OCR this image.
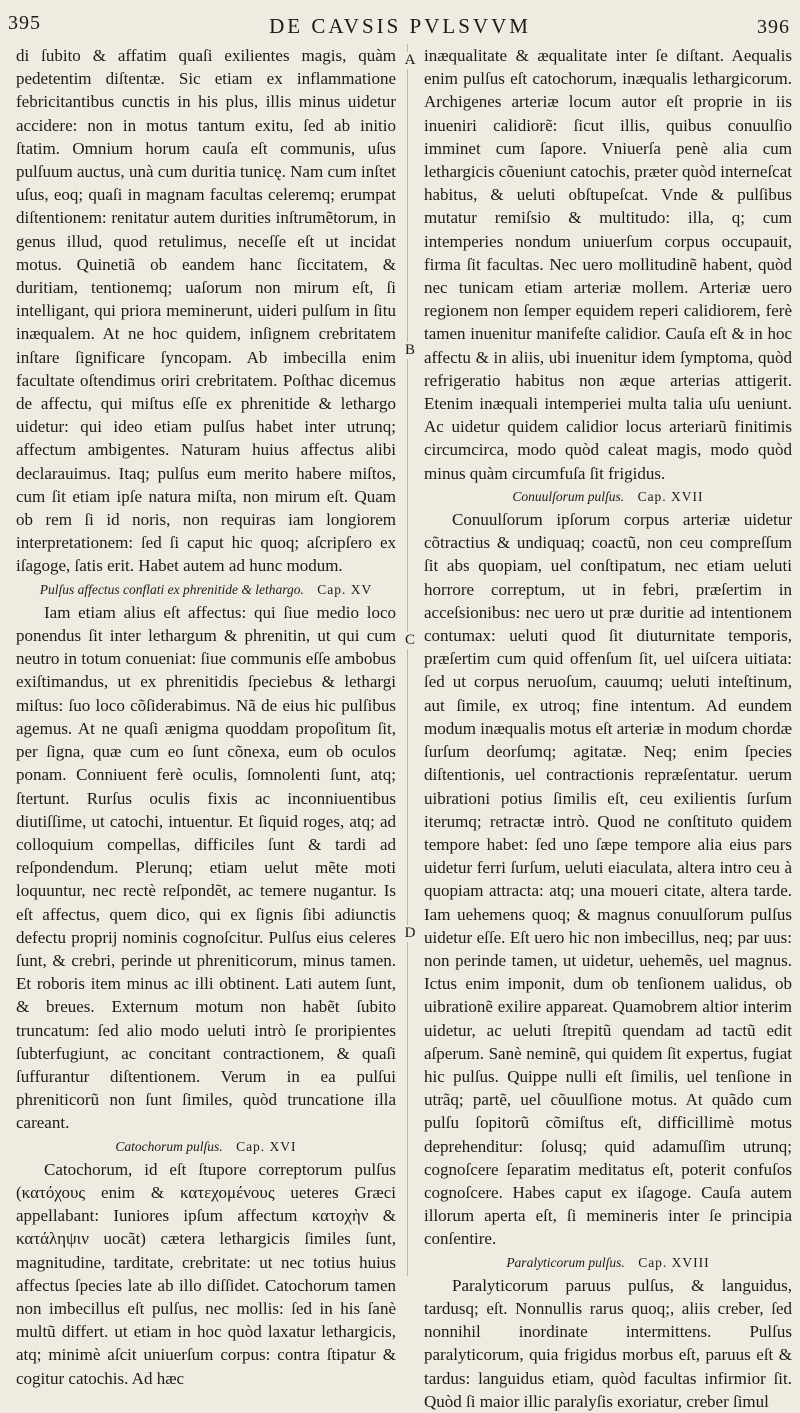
395	DE CAVSIS PVLSVVM	396
A
B
C
D

di ſubito & affatim quaſi exilientes magis, quàm pedetentim diſtentæ. Sic etiam ex inflammatione febricitantibus cunctis in his plus, illis minus uidetur accidere: non in motus tantum exitu, ſed ab initio ſtatim. Omnium horum cauſa eſt communis, uſus pulſuum auctus, unà cum duritia tunicę. Nam cum inſtet uſus, eoq; quaſi in magnam facultas celeremq; erumpat diſtentionem: renitatur autem durities inſtrumẽtorum, in genus illud, quod retulimus, neceſſe eſt ut incidat motus. Quinetiã ob eandem hanc ſiccitatem, & duritiam, tentionemq; uaſorum non mirum eſt, ſi intelligant, qui priora meminerunt, uideri pulſum in ſitu inæqualem. At ne hoc quidem, inſignem crebritatem inſtare ſignificare ſyncopam. Ab imbecilla enim facultate oſtendimus oriri crebritatem. Poſthac dicemus de affectu, qui miſtus eſſe ex phrenitide & lethargo uidetur: qui ideo etiam pulſus habet inter utrunq; affectum ambigentes. Naturam huius affectus alibi declarauimus. Itaq; pulſus eum merito habere miſtos, cum ſit etiam ipſe natura miſta, non mirum eſt. Quam ob rem ſi id noris, non requiras iam longiorem interpretationem: ſed ſi caput hic quoq; aſcripſero ex iſagoge, ſatis erit. Habet autem ad hunc modum.

Pulſus affectus conflati ex phrenitide & lethargo. Cap. XV

Iam etiam alius eſt affectus: qui ſiue medio loco ponendus ſit inter lethargum & phrenitin, ut qui cum neutro in totum conueniat: ſiue communis eſſe ambobus exiſtimandus, ut ex phrenitidis ſpeciebus & lethargi miſtus: ſuo loco cõſiderabimus. Nã de eius hic pulſibus agemus. At ne quaſi ænigma quoddam propoſitum ſit, per ſigna, quæ cum eo ſunt cõnexa, eum ob oculos ponam. Conniuent ferè oculis, ſomnolenti ſunt, atq; ſtertunt. Rurſus oculis fixis ac inconniuentibus diutiſſime, ut catochi, intuentur. Et ſiquid roges, atq; ad colloquium compellas, difficiles ſunt & tardi ad reſpondendum. Plerunq; etiam uelut mẽte moti loquuntur, nec rectè reſpondẽt, ac temere nugantur. Is eſt affectus, quem dico, qui ex ſignis ſibi adiunctis defectu proprij nominis cognoſcitur. Pulſus eius celeres ſunt, & crebri, perinde ut phreniticorum, minus tamen. Et roboris item minus ac illi obtinent. Lati autem ſunt, & breues. Externum motum non habẽt ſubito truncatum: ſed alio modo ueluti intrò ſe proripientes ſubterfugiunt, ac concitant contractionem, & quaſi ſuffurantur diſtentionem. Verum in ea pulſui phreniticorũ non ſunt ſimiles, quòd truncatione illa careant.

Catochorum pulſus. Cap. XVI

Catochorum, id eſt ſtupore correptorum pulſus (κατόχους enim & κατεχομένους ueteres Græci appellabant: Iuniores ipſum affectum κατοχὴν & κατάληψιν uocãt) cætera lethargicis ſimiles ſunt, magnitudine, tarditate, crebritate: ut nec totius huius affectus ſpecies late ab illo diſſidet. Catochorum tamen non imbecillus eſt pulſus, nec mollis: ſed in his ſanè multũ differt. ut etiam in hoc quòd laxatur lethargicis, atq; minimè aſcit uniuerſum corpus: contra ſtipatur & cogitur catochis. Ad hæc

inæqualitate & æqualitate inter ſe diſtant. Aequalis enim pulſus eſt catochorum, inæqualis lethargicorum. Archigenes arteriæ locum autor eſt proprie in iis inueniri calidiorẽ: ſicut illis, quibus conuulſio imminet cum ſapore. Vniuerſa penè alia cum lethargicis cõueniunt catochis, præter quòd interneſcat habitus, & ueluti obſtupeſcat. Vnde & pulſibus mutatur remiſsio & multitudo: illa, q; cum intemperies nondum uniuerſum corpus occupauit, firma ſit facultas. Nec uero mollitudinẽ habent, quòd nec tunicam etiam arteriæ mollem. Arteriæ uero regionem non ſemper equidem reperi calidiorem, ferè tamen inuenitur manifeſte calidior. Cauſa eſt & in hoc affectu & in aliis, ubi inuenitur idem ſymptoma, quòd refrigeratio habitus non æque arterias attigerit. Etenim inæquali intemperiei multa talia uſu ueniunt. Ac uidetur quidem calidior locus arteriarũ finitimis circumcirca, modo quòd caleat magis, modo quòd minus quàm circumfuſa ſit frigidus.

Conuulſorum pulſus. Cap. XVII

Conuulſorum ipſorum corpus arteriæ uidetur cõtractius & undiquaq; coactũ, non ceu compreſſum ſit abs quopiam, uel conſtipatum, nec etiam ueluti horrore correptum, ut in febri, præſertim in acceſsionibus: nec uero ut præ duritie ad intentionem contumax: ueluti quod ſit diuturnitate temporis, præſertim cum quid offenſum ſit, uel uiſcera uitiata: ſed ut corpus neruoſum, cauumq; ueluti inteſtinum, aut ſimile, ex utroq; fine intentum. Ad eundem modum inæqualis motus eſt arteriæ in modum chordæ ſurſum deorſumq; agitatæ. Neq; enim ſpecies diſtentionis, uel contractionis repræſentatur. uerum uibrationi potius ſimilis eſt, ceu exilientis ſurſum iterumq; retractæ intrò. Quod ne conſtituto quidem tempore habet: ſed uno ſæpe tempore alia eius pars uidetur ferri ſurſum, ueluti eiaculata, altera intro ceu à quopiam attracta: atq; una moueri citate, altera tarde. Iam uehemens quoq; & magnus conuulſorum pulſus uidetur eſſe. Eſt uero hic non imbecillus, neq; par uus: non perinde tamen, ut uidetur, uehemẽs, uel magnus. Ictus enim imponit, dum ob tenſionem ualidus, ob uibrationẽ exilire appareat. Quamobrem altior interim uidetur, ac ueluti ſtrepitũ quendam ad tactũ edit aſperum. Sanè neminẽ, qui quidem ſit expertus, fugiat hic pulſus. Quippe nulli eſt ſimilis, uel tenſione in utrãq; partẽ, uel cõuulſione motus. At quãdo cum pulſu ſopitorũ cõmiſtus eſt, difficillimè motus deprehenditur: ſolusq; quid adamuſſim utrunq; cognoſcere ſeparatim meditatus eſt, poterit confuſos cognoſcere. Habes caput ex iſagoge. Cauſa autem illorum aperta eſt, ſi memineris inter ſe principia conſentire.

Paralyticorum pulſus. Cap. XVIII

Paralyticorum paruus pulſus, & languidus, tardusq; eſt. Nonnullis rarus quoq;, aliis creber, ſed nonnihil inordinate intermittens. Pulſus paralyticorum, quia frigidus morbus eſt, paruus eſt & tardus: languidus etiam, quòd facultas infirmior ſit. Quòd ſi maior illic paralyſis exoriatur, creber ſimul
